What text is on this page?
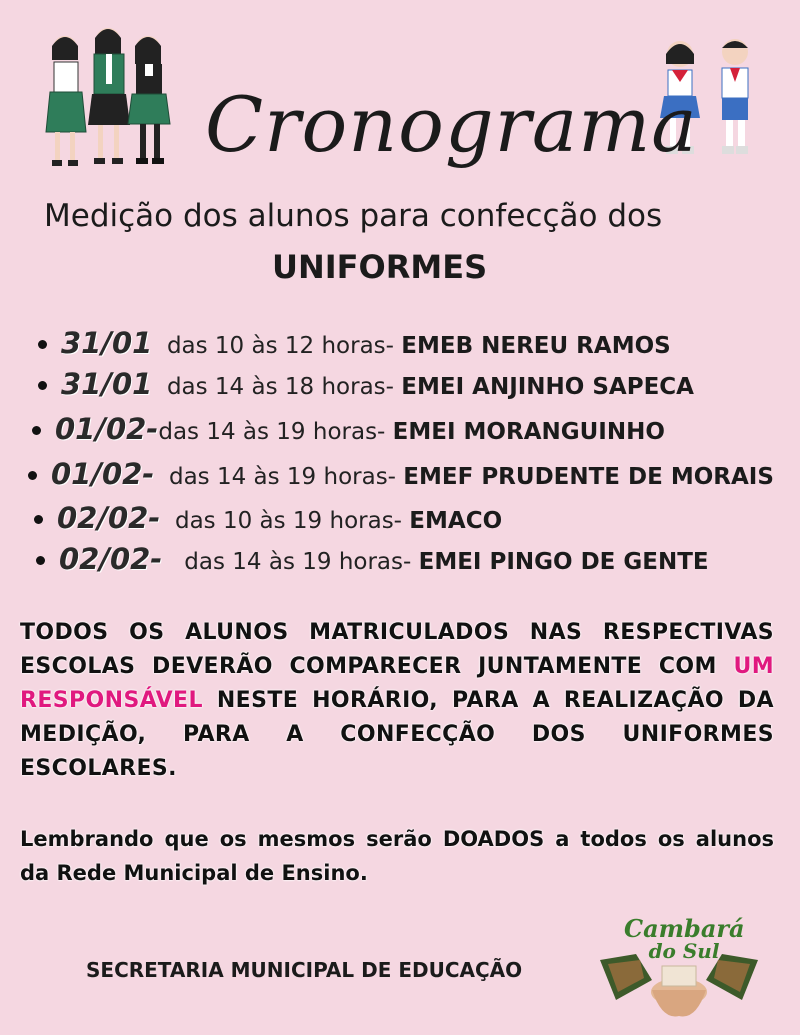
Cronograma
Medição dos alunos para confecção dos
UNIFORMES
31/01 das 10 às 12 horas- EMEB NEREU RAMOS
31/01 das 14 às 18 horas- EMEI ANJINHO SAPECA
01/02-das 14 às 19 horas- EMEI MORANGUINHO
01/02- das 14 às 19 horas- EMEF PRUDENTE DE MORAIS
02/02- das 10 às 19 horas- EMACO
02/02- das 14 às 19 horas- EMEI PINGO DE GENTE
TODOS OS ALUNOS MATRICULADOS NAS RESPECTIVAS ESCOLAS DEVERÃO COMPARECER JUNTAMENTE COM UM RESPONSÁVEL NESTE HORÁRIO, PARA A REALIZAÇÃO DA MEDIÇÃO, PARA A CONFECÇÃO DOS UNIFORMES ESCOLARES.
Lembrando que os mesmos serão DOADOS a todos os alunos da Rede Municipal de Ensino.
SECRETARIA MUNICIPAL DE EDUCAÇÃO
Cambará
do Sul
